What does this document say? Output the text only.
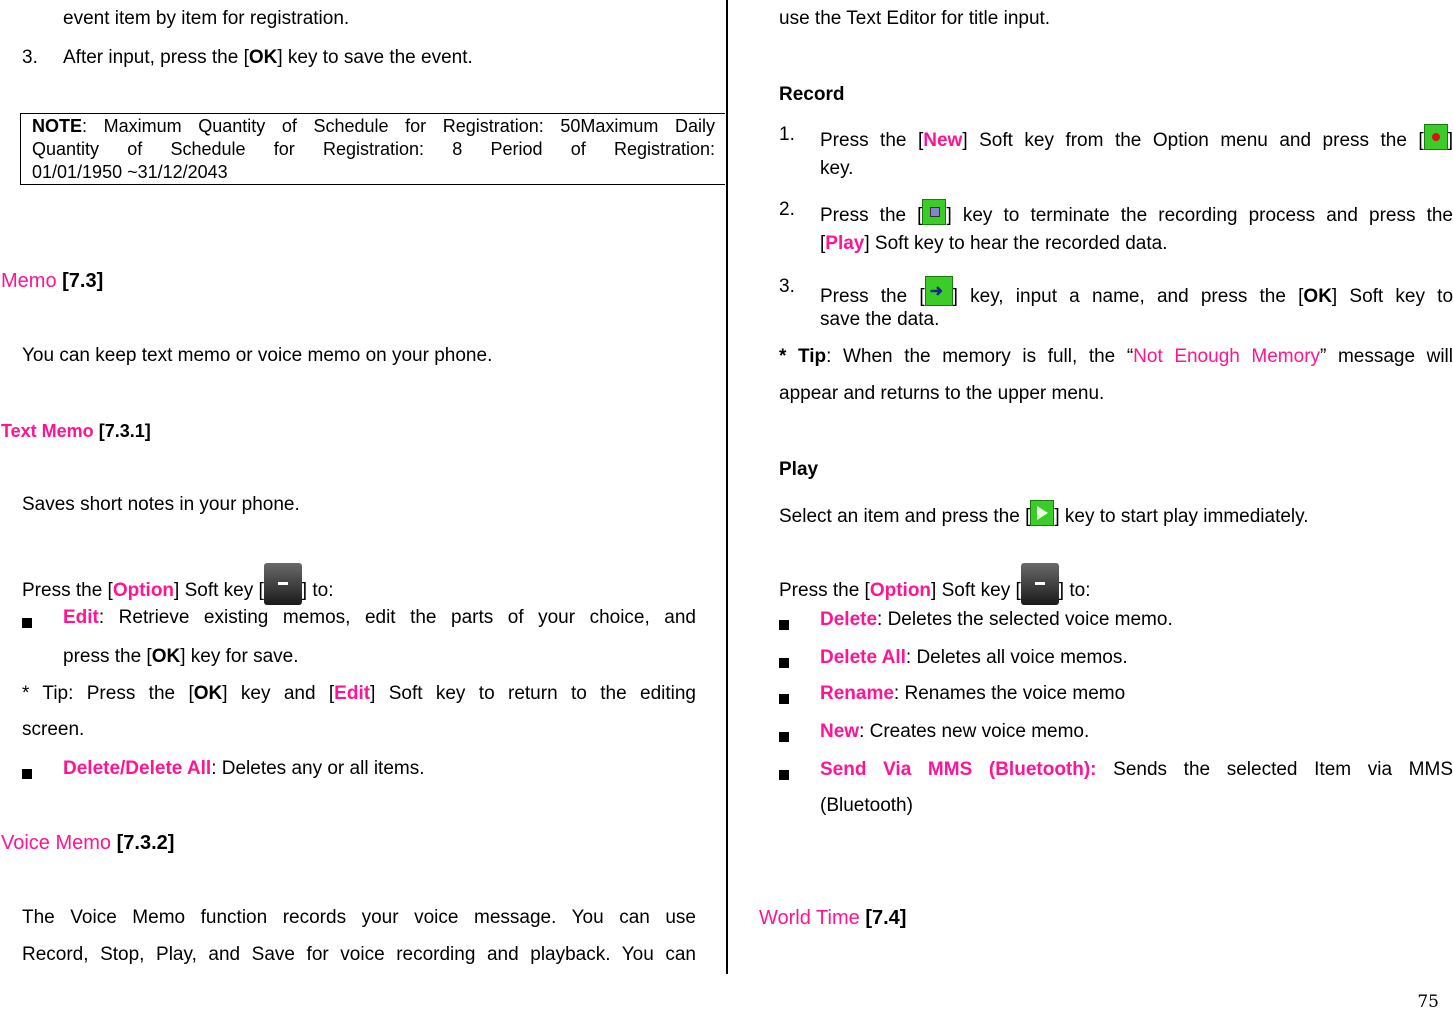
event item by item for registration.
3. After input, press the [OK] key to save the event.
NOTE: Maximum Quantity of Schedule for Registration: 50Maximum Daily
Quantity of Schedule for Registration: 8 Period of Registration:
01/01/1950 ~31/12/2043
Memo [7.3]
You can keep text memo or voice memo on your phone.
Text Memo [7.3.1]
Saves short notes in your phone.
Press the [Option] Soft key [ ] to:
Edit: Retrieve existing memos, edit the parts of your choice, and
press the [OK] key for save.
* Tip: Press the [OK] key and [Edit] Soft key to return to the editing
screen.
Delete/Delete All: Deletes any or all items.
Voice Memo [7.3.2]
The Voice Memo function records your voice message. You can use
Record, Stop, Play, and Save for voice recording and playback. You can
use the Text Editor for title input.
Record
1. Press the [New] Soft key from the Option menu and press the [ ]
key.
2. Press the [ ] key to terminate the recording process and press the
[Play] Soft key to hear the recorded data.
3. Press the [ ➜ ] key, input a name, and press the [OK] Soft key to
save the data.
* Tip: When the memory is full, the “Not Enough Memory” message will
appear and returns to the upper menu.
Play
Select an item and press the [ ] key to start play immediately.
Press the [Option] Soft key [ ] to:
Delete: Deletes the selected voice memo.
Delete All: Deletes all voice memos.
Rename: Renames the voice memo
New: Creates new voice memo.
Send Via MMS (Bluetooth): Sends the selected Item via MMS
(Bluetooth)
World Time [7.4]
75
